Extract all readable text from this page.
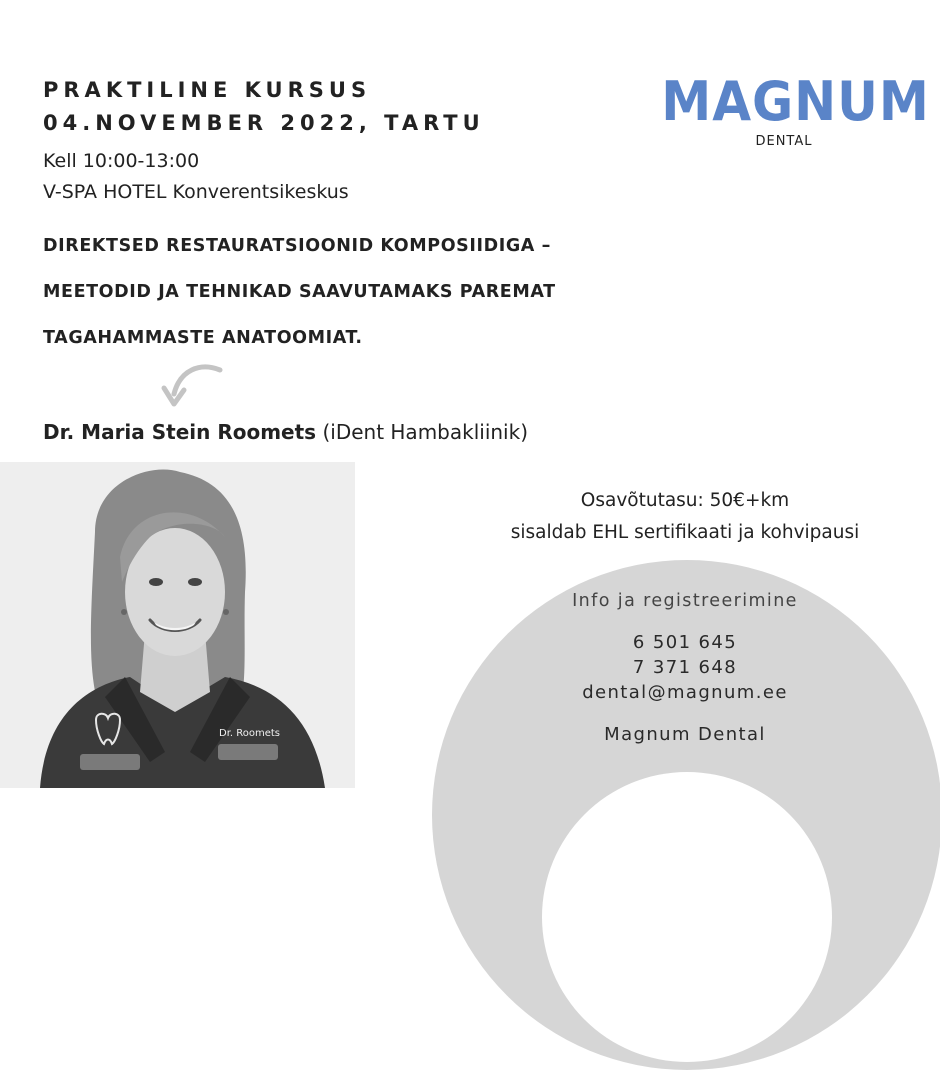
PRAKTILINE KURSUS
04.NOVEMBER 2022, TARTU
Kell 10:00-13:00
V-SPA HOTEL Konverentsikeskus
DIREKTSED RESTAURATSIOONID KOMPOSIIDIGA –
MEETODID JA TEHNIKAD SAAVUTAMAKS PAREMAT
TAGAHAMMASTE ANATOOMIAT.
MAGNUM
DENTAL
Dr. Maria Stein Roomets (iDent Hambakliinik)
Dr. Roomets
Osavõtutasu: 50€+km
sisaldab EHL sertifikaati ja kohvipausi
Info ja registreerimine
6 501 645
7 371 648
dental@magnum.ee
Magnum Dental
